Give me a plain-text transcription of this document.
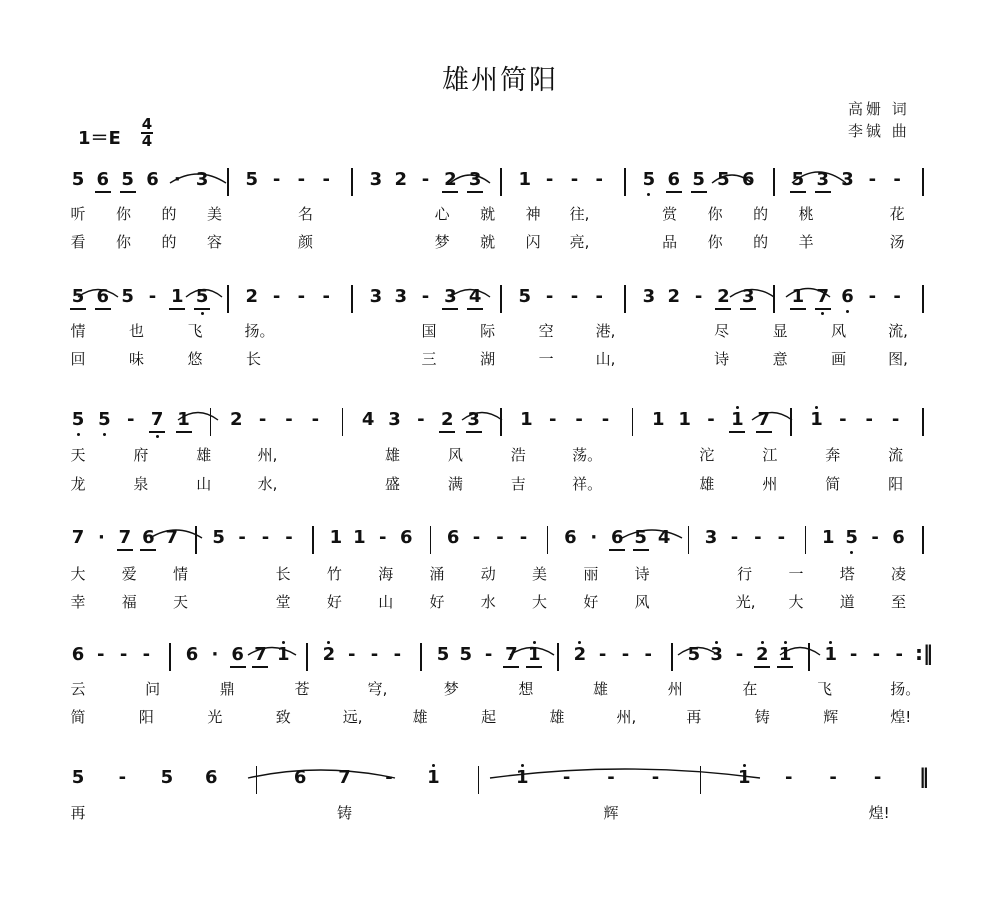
雄州简阳
高姗 词
李铖 曲
1＝E
4
4
5 6 5 6 · 3 5 - - - 3 2 - 2 3 1 - - - 5 6 5 5 6 5 3 3 - -
听 你 的 美	名	心 就 神 往,	赏 你 的 桃	花
看 你 的 容	颜	梦 就 闪 亮,	品 你 的 羊	汤
5 6 5 - 1 5 2 - - - 3 3 - 3 4 5 - - - 3 2 - 2 3 1 7 6 - -
情	也	飞	扬。	国	际	空	港,	尽	显	风	流,
回	味	悠	长	三	湖	一	山,	诗	意	画	图,
5 5 - 7 1 2 - - - 4 3 - 2 3 1 - - - 1 1 - 1 7 1 - - -
天	府	雄	州,	雄	风	浩	荡。	沱	江	奔	流
龙	泉	山	水,	盛	满	吉	祥。	雄	州	简	阳
7 · 7 6 7 5 - - - 1 1 - 6 6 - - - 6 · 6 5 4 3 - - - 1 5 - 6
大 爱 情	长 竹 海 涌 动 美 丽 诗	行 一 塔 凌
幸 福 天	堂 好 山 好 水 大 好 风	光, 大 道 至
6 - - - 6 · 6 7 1 2 - - - 5 5 - 7 1 2 - - - 5 3 - 2 1 1 - - - :‖
云	问	鼎	苍	穹,	梦	想	雄	州	在	飞	扬。
简	阳	光	致	远,	雄	起	雄	州,	再	铸	辉	煌!
5 - 5 6	6 7 - 1	1 - - -	1 - - -	‖
再	铸	辉	煌!
